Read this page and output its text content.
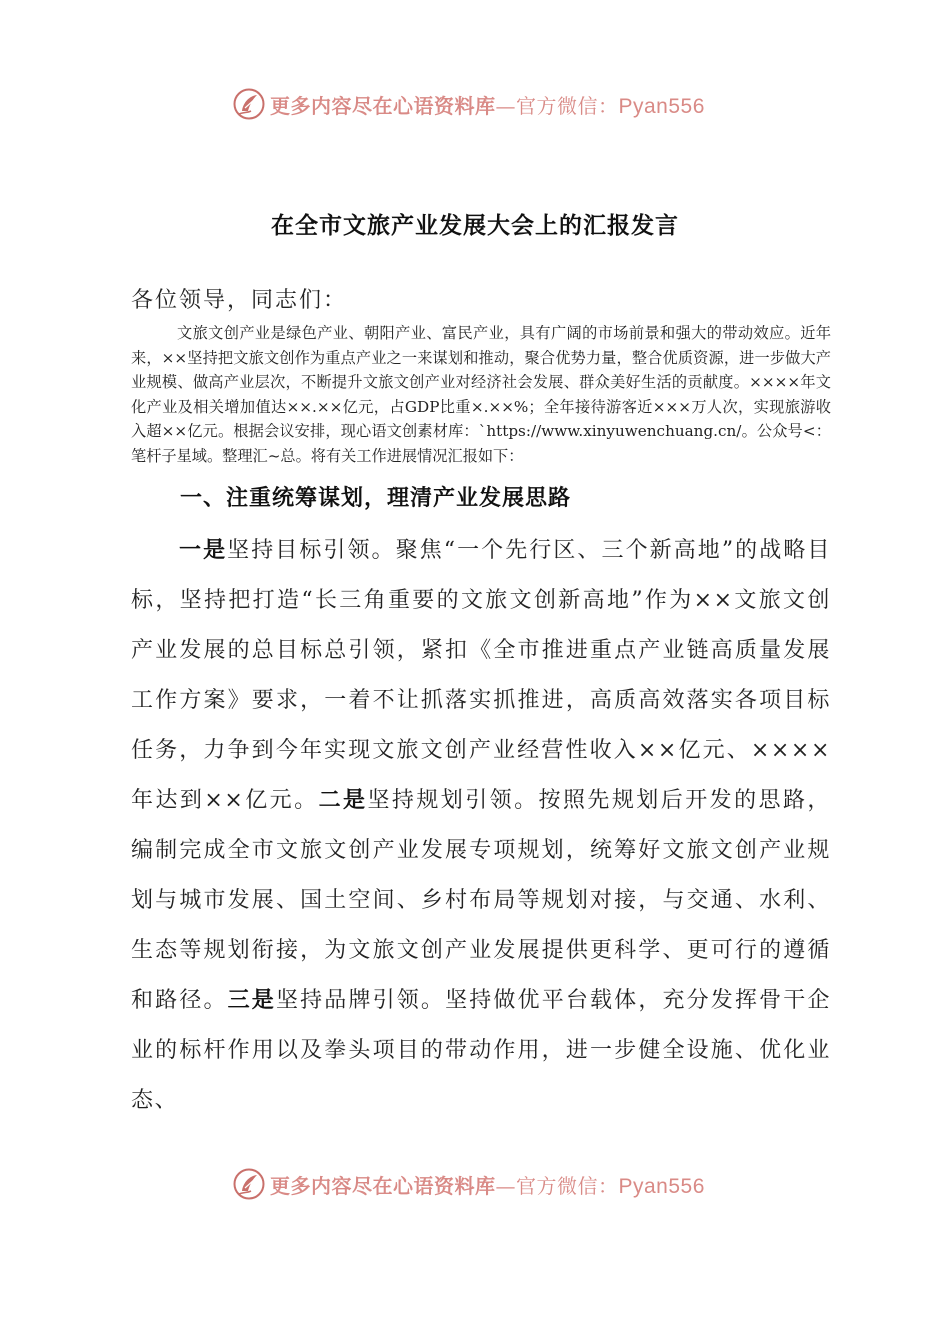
更多内容尽在心语资料库—官方微信：Pyan556
在全市文旅产业发展大会上的汇报发言
各位领导，同志们：

文旅文创产业是绿色产业、朝阳产业、富民产业，具有广阔的市场前景和强大的带动效应。近年来，××坚持把文旅文创作为重点产业之一来谋划和推动，聚合优势力量，整合优质资源，进一步做大产业规模、做高产业层次，不断提升文旅文创产业对经济社会发展、群众美好生活的贡献度。××××年文化产业及相关增加值达××.××亿元，占GDP比重×.××%；全年接待游客近×××万人次，实现旅游收入超××亿元。根据会议安排，现心语文创素材库：`https://www.xinyuwenchuang.cn/。公众号<：笔杆子星域。整理汇~总。将有关工作进展情况汇报如下：

一、注重统筹谋划，理清产业发展思路

一是坚持目标引领。聚焦“一个先行区、三个新高地”的战略目标，坚持把打造“长三角重要的文旅文创新高地”作为××文旅文创产业发展的总目标总引领，紧扣《全市推进重点产业链高质量发展工作方案》要求，一着不让抓落实抓推进，高质高效落实各项目标任务，力争到今年实现文旅文创产业经营性收入××亿元、××××年达到××亿元。二是坚持规划引领。按照先规划后开发的思路，编制完成全市文旅文创产业发展专项规划，统筹好文旅文创产业规划与城市发展、国土空间、乡村布局等规划对接，与交通、水利、生态等规划衔接，为文旅文创产业发展提供更科学、更可行的遵循和路径。三是坚持品牌引领。坚持做优平台载体，充分发挥骨干企业的标杆作用以及拳头项目的带动作用，进一步健全设施、优化业态、

更多内容尽在心语资料库—官方微信：Pyan556
